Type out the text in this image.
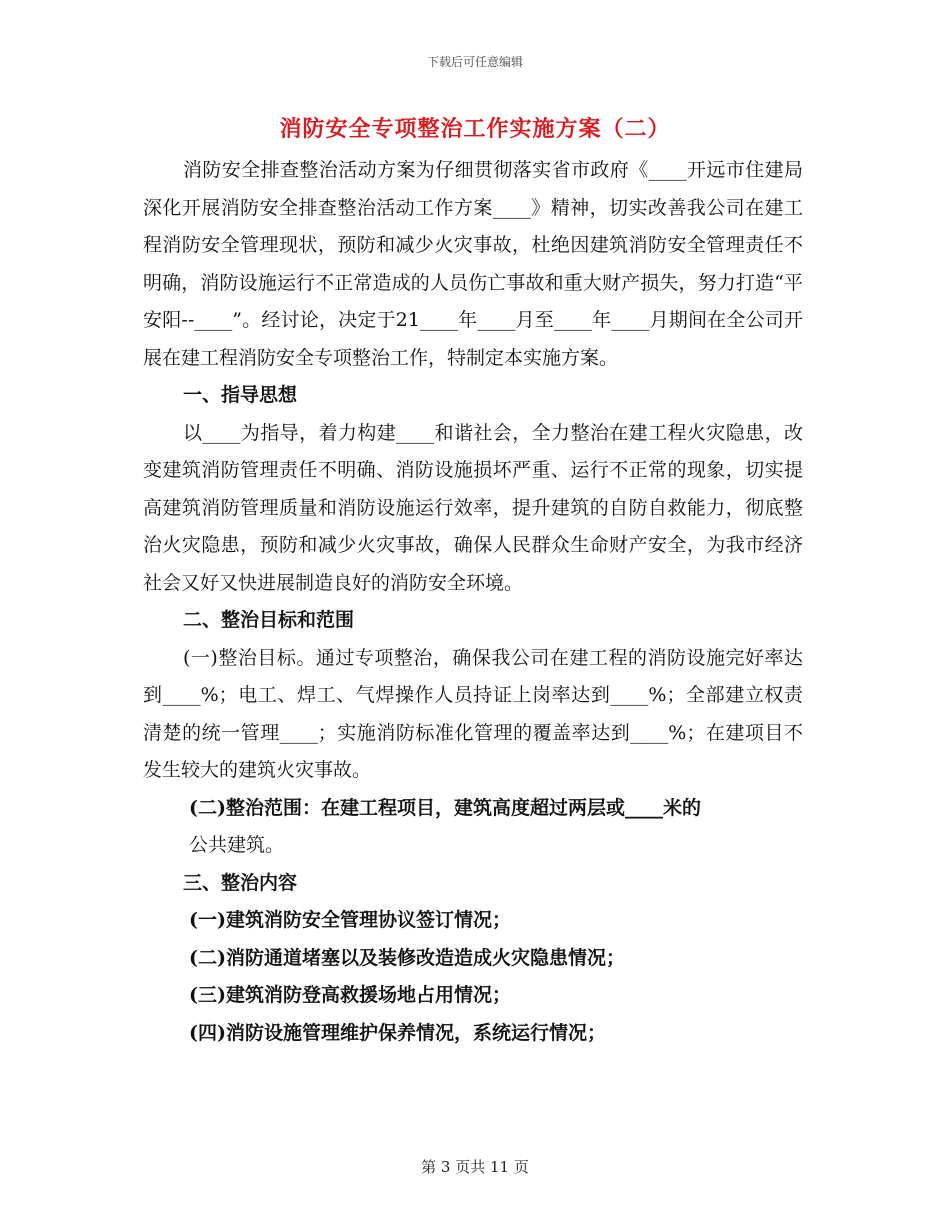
下载后可任意编辑
消防安全专项整治工作实施方案（二）

消防安全排查整治活动方案为仔细贯彻落实省市政府《____开远市住建局深化开展消防安全排查整治活动工作方案____》精神，切实改善我公司在建工程消防安全管理现状，预防和减少火灾事故，杜绝因建筑消防安全管理责任不明确，消防设施运行不正常造成的人员伤亡事故和重大财产损失，努力打造“平安阳--____”。经讨论，决定于21____年____月至____年____月期间在全公司开展在建工程消防安全专项整治工作，特制定本实施方案。

一、指导思想

以____为指导，着力构建____和谐社会，全力整治在建工程火灾隐患，改变建筑消防管理责任不明确、消防设施损坏严重、运行不正常的现象，切实提高建筑消防管理质量和消防设施运行效率，提升建筑的自防自救能力，彻底整治火灾隐患，预防和减少火灾事故，确保人民群众生命财产安全，为我市经济社会又好又快进展制造良好的消防安全环境。

二、整治目标和范围

(一)整治目标。通过专项整治，确保我公司在建工程的消防设施完好率达到____%；电工、焊工、气焊操作人员持证上岗率达到____%；全部建立权责清楚的统一管理____；实施消防标准化管理的覆盖率达到____%；在建项目不发生较大的建筑火灾事故。

(二)整治范围：在建工程项目，建筑高度超过两层或____米的

公共建筑。

三、整治内容

(一)建筑消防安全管理协议签订情况；

(二)消防通道堵塞以及装修改造造成火灾隐患情况；

(三)建筑消防登高救援场地占用情况；

(四)消防设施管理维护保养情况，系统运行情况；

第 3 页共 11 页
